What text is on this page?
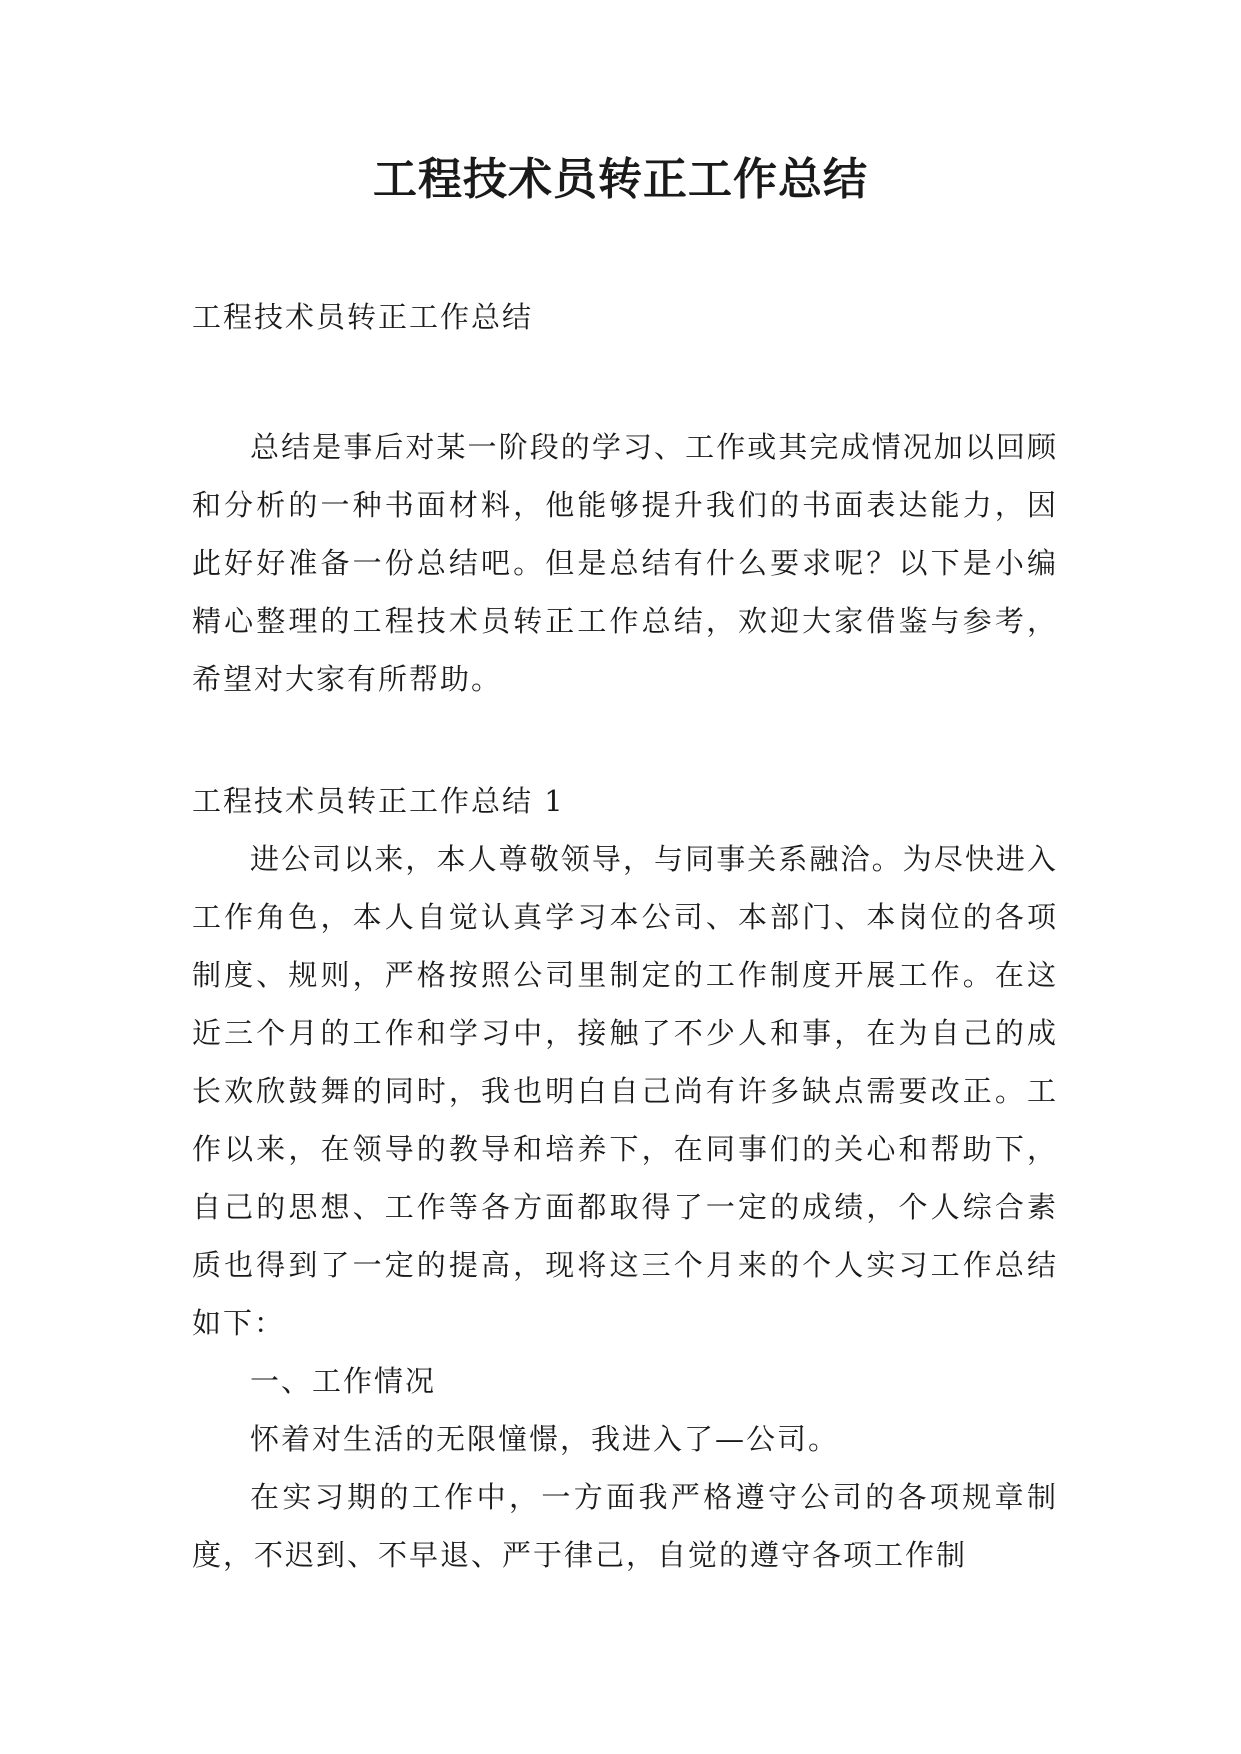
工程技术员转正工作总结

工程技术员转正工作总结

总结是事后对某一阶段的学习、工作或其完成情况加以回顾和分析的一种书面材料，他能够提升我们的书面表达能力，因此好好准备一份总结吧。但是总结有什么要求呢？以下是小编精心整理的工程技术员转正工作总结，欢迎大家借鉴与参考，希望对大家有所帮助。

工程技术员转正工作总结 1

进公司以来，本人尊敬领导，与同事关系融洽。为尽快进入工作角色，本人自觉认真学习本公司、本部门、本岗位的各项制度、规则，严格按照公司里制定的工作制度开展工作。在这近三个月的工作和学习中，接触了不少人和事，在为自己的成长欢欣鼓舞的同时，我也明白自己尚有许多缺点需要改正。工作以来，在领导的教导和培养下，在同事们的关心和帮助下，自己的思想、工作等各方面都取得了一定的成绩，个人综合素质也得到了一定的提高，现将这三个月来的个人实习工作总结如下：

一、工作情况

怀着对生活的无限憧憬，我进入了—公司。

在实习期的工作中，一方面我严格遵守公司的各项规章制度，不迟到、不早退、严于律己，自觉的遵守各项工作制
